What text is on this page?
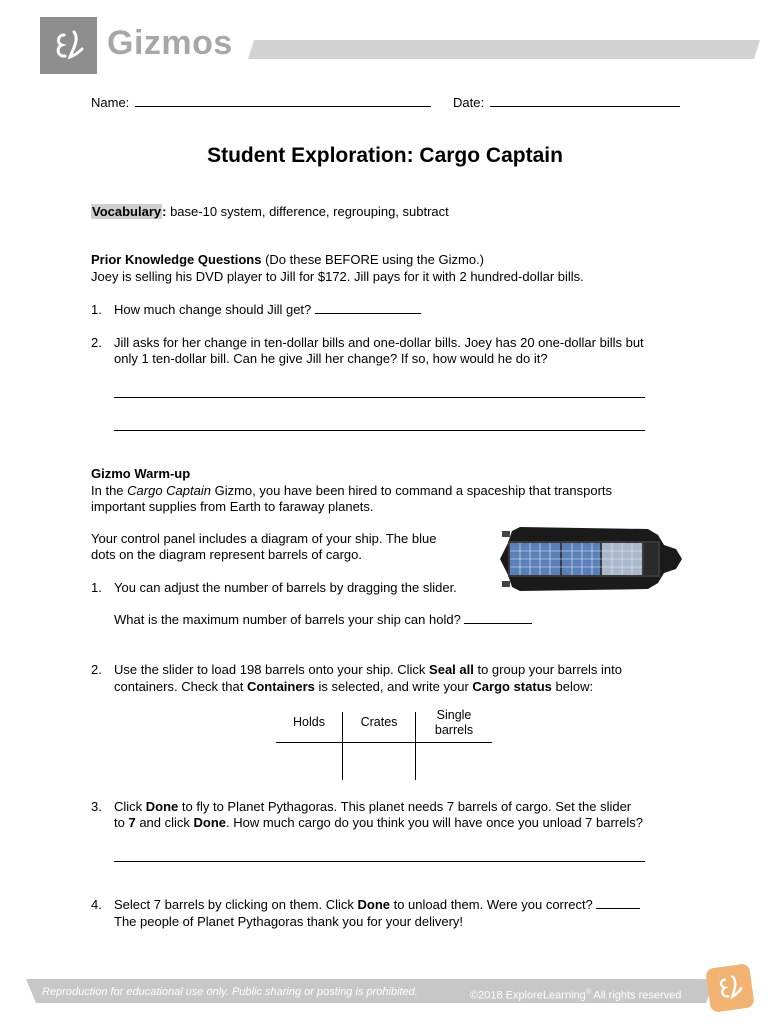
Gizmos
Name:	Date:
Student Exploration: Cargo Captain
Vocabulary: base-10 system, difference, regrouping, subtract
Prior Knowledge Questions (Do these BEFORE using the Gizmo.)
Joey is selling his DVD player to Jill for $172. Jill pays for it with 2 hundred-dollar bills.
1. How much change should Jill get?
2. Jill asks for her change in ten-dollar bills and one-dollar bills. Joey has 20 one-dollar bills but
only 1 ten-dollar bill. Can he give Jill her change? If so, how would he do it?
Gizmo Warm-up
In the Cargo Captain Gizmo, you have been hired to command a spaceship that transports
important supplies from Earth to faraway planets.
Your control panel includes a diagram of your ship. The blue
dots on the diagram represent barrels of cargo.
1. You can adjust the number of barrels by dragging the slider.
What is the maximum number of barrels your ship can hold?
2. Use the slider to load 198 barrels onto your ship. Click Seal all to group your barrels into
containers. Check that Containers is selected, and write your Cargo status below:
Holds	Crates	Single
barrels
3. Click Done to fly to Planet Pythagoras. This planet needs 7 barrels of cargo. Set the slider
to 7 and click Done. How much cargo do you think you will have once you unload 7 barrels?
4. Select 7 barrels by clicking on them. Click Done to unload them. Were you correct?
The people of Planet Pythagoras thank you for your delivery!
Reproduction for educational use only. Public sharing or posting is prohibited.	©2018 ExploreLearning® All rights reserved
